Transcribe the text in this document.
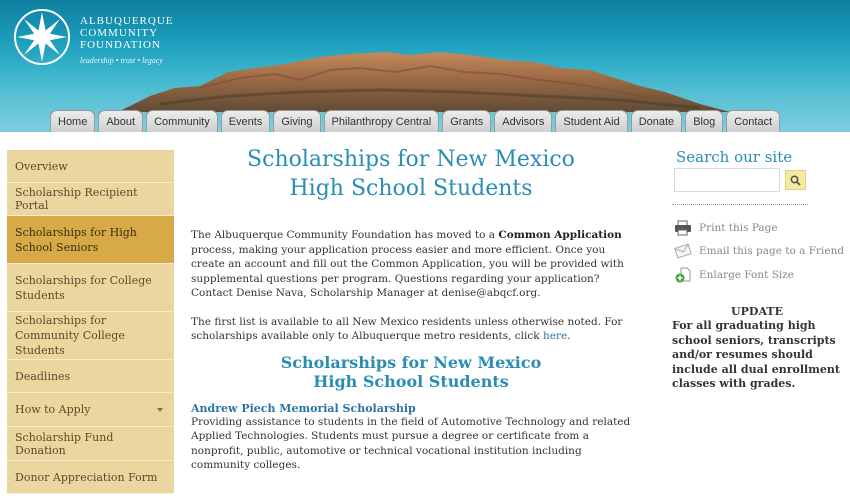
ALBUQUERQUE
COMMUNITY
FOUNDATION
leadership • trust • legacy
Home	About	Community	Events	Giving	Philanthropy Central	Grants	Advisors	Student Aid	Donate	Blog	Contact
Overview
Scholarship Recipient Portal
Scholarships for High School Seniors
Scholarships for College Students
Scholarships for Community College Students
Deadlines
How to Apply
Scholarship Fund Donation
Donor Appreciation Form
Scholarships for New Mexico
High School Students

The Albuquerque Community Foundation has moved to a Common Application process, making your application process easier and more efficient. Once you create an account and fill out the Common Application, you will be provided with supplemental questions per program. Questions regarding your application? Contact Denise Nava, Scholarship Manager at denise@abqcf.org.

The first list is available to all New Mexico residents unless otherwise noted. For scholarships available only to Albuquerque metro residents, click here.

Scholarships for New Mexico
High School Students

Andrew Piech Memorial Scholarship

Providing assistance to students in the field of Automotive Technology and related Applied Technologies. Students must pursue a degree or certificate from a

nonprofit, public, automotive or technical vocational institution including community colleges.

Search our site
Print this Page
Email this page to a Friend
Enlarge Font Size
UPDATE
For all graduating high school seniors, transcripts and/or resumes should include all dual enrollment classes with grades.
